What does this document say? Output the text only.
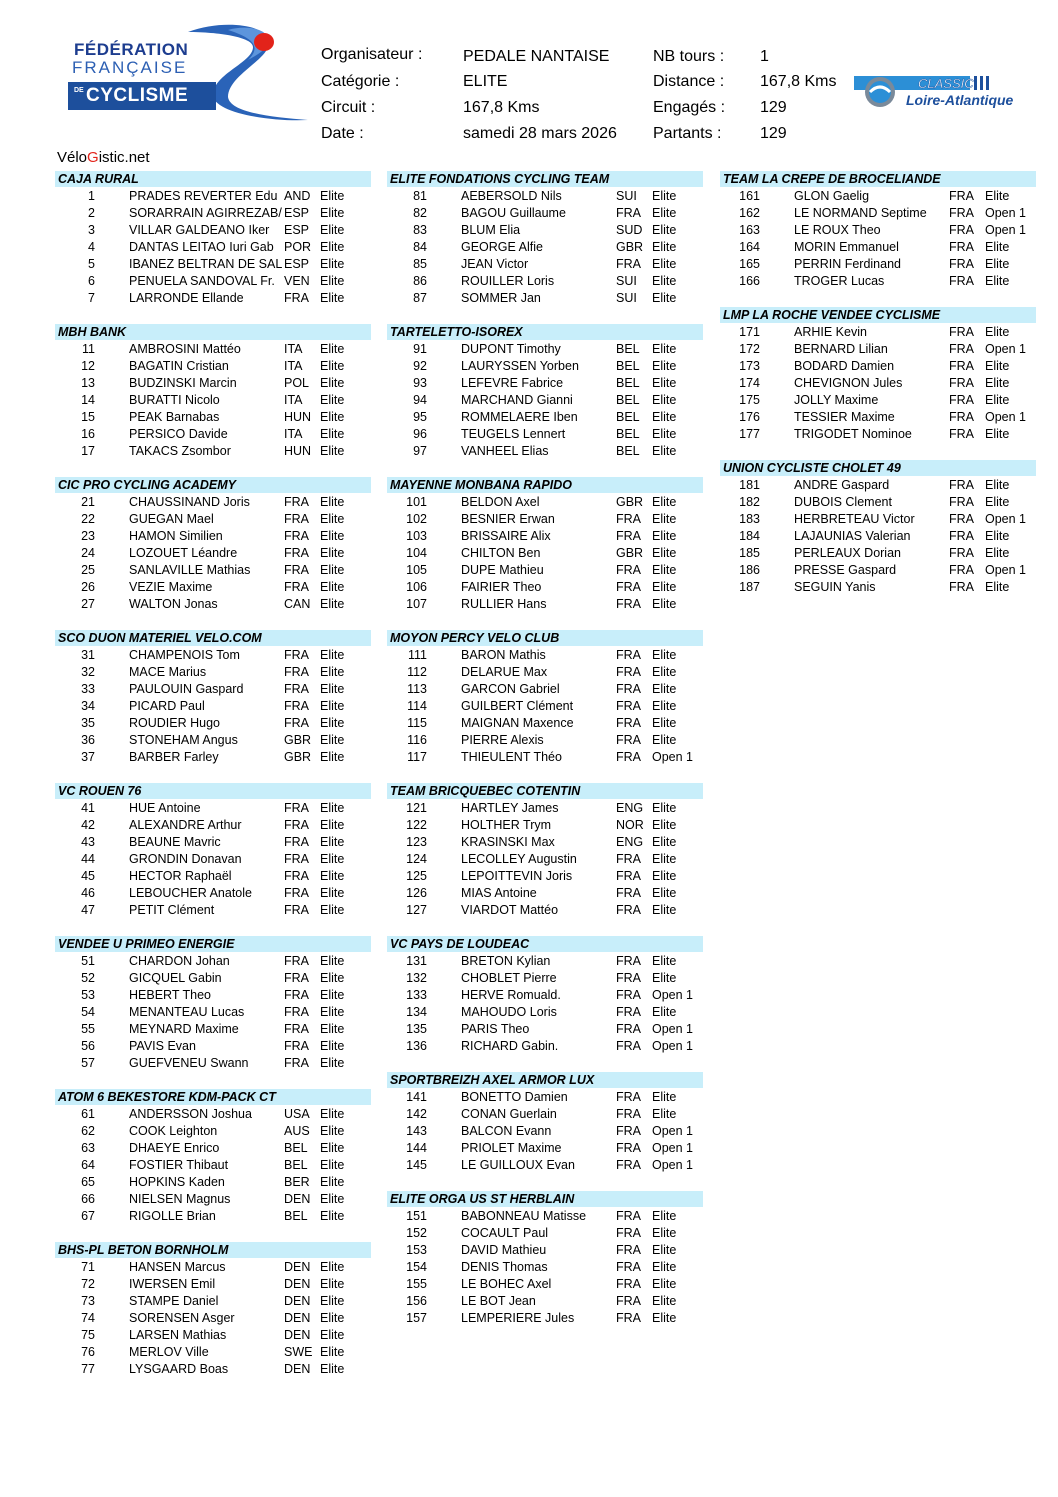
FÉDÉRATION
FRANÇAISE
DE CYCLISME
VéloGistic.net
Organisateur :	PEDALE NANTAISE
Catégorie :	ELITE
Circuit :	167,8 Kms
Date :	samedi 28 mars 2026
NB tours : 1
Distance : 167,8 Kms
Engagés : 129
Partants : 129
CLASSIC
Loire-Atlantique
CAJA RURAL
1	PRADES REVERTER Edu AND Elite
2	SORARRAIN AGIRREZAB/ ESP Elite
3	VILLAR GALDEANO Iker	ESP Elite
4	DANTAS LEITAO Iuri Gab POR Elite
5	IBANEZ BELTRAN DE SAL ESP Elite
6	PENUELA SANDOVAL Fr. VEN Elite
7	LARRONDE Ellande	FRA Elite
MBH BANK
11	AMBROSINI Mattéo	ITA	Elite
12	BAGATIN Cristian	ITA	Elite
13	BUDZINSKI Marcin	POL Elite
14	BURATTI Nicolo	ITA	Elite
15	PEAK Barnabas	HUN Elite
16	PERSICO Davide	ITA	Elite
17	TAKACS Zsombor	HUN Elite
CIC PRO CYCLING ACADEMY
21	CHAUSSINAND Joris	FRA Elite
22	GUEGAN Mael	FRA Elite
23	HAMON Similien	FRA Elite
24	LOZOUET Léandre	FRA Elite
25	SANLAVILLE Mathias	FRA Elite
26	VEZIE Maxime	FRA Elite
27	WALTON Jonas	CAN Elite
SCO DUON MATERIEL VELO.COM
31	CHAMPENOIS Tom	FRA Elite
32	MACE Marius	FRA Elite
33	PAULOUIN Gaspard	FRA Elite
34	PICARD Paul	FRA Elite
35	ROUDIER Hugo	FRA Elite
36	STONEHAM Angus	GBR Elite
37	BARBER Farley	GBR Elite
VC ROUEN 76
41	HUE Antoine	FRA Elite
42	ALEXANDRE Arthur	FRA Elite
43	BEAUNE Mavric	FRA Elite
44	GRONDIN Donavan	FRA Elite
45	HECTOR Raphaël	FRA Elite
46	LEBOUCHER Anatole	FRA Elite
47	PETIT Clément	FRA Elite
VENDEE U PRIMEO ENERGIE
51	CHARDON Johan	FRA Elite
52	GICQUEL Gabin	FRA Elite
53	HEBERT Theo	FRA Elite
54	MENANTEAU Lucas	FRA Elite
55	MEYNARD Maxime	FRA Elite
56	PAVIS Evan	FRA Elite
57	GUEFVENEU Swann	FRA Elite
ATOM 6 BEKESTORE KDM-PACK CT
61	ANDERSSON Joshua	USA Elite
62	COOK Leighton	AUS Elite
63	DHAEYE Enrico	BEL Elite
64	FOSTIER Thibaut	BEL Elite
65	HOPKINS Kaden	BER Elite
66	NIELSEN Magnus	DEN Elite
67	RIGOLLE Brian	BEL Elite
BHS-PL BETON BORNHOLM
71	HANSEN Marcus	DEN Elite
72	IWERSEN Emil	DEN Elite
73	STAMPE Daniel	DEN Elite
74	SORENSEN Asger	DEN Elite
75	LARSEN Mathias	DEN Elite
76	MERLOV Ville	SWE Elite
77	LYSGAARD Boas	DEN Elite
ELITE FONDATIONS CYCLING TEAM
81	AEBERSOLD Nils	SUI	Elite
82	BAGOU Guillaume	FRA Elite
83	BLUM Elia	SUD Elite
84	GEORGE Alfie	GBR Elite
85	JEAN Victor	FRA Elite
86	ROUILLER Loris	SUI	Elite
87	SOMMER Jan	SUI	Elite
TARTELETTO-ISOREX
91	DUPONT Timothy	BEL Elite
92	LAURYSSEN Yorben	BEL Elite
93	LEFEVRE Fabrice	BEL Elite
94	MARCHAND Gianni	BEL Elite
95	ROMMELAERE Iben	BEL Elite
96	TEUGELS Lennert	BEL Elite
97	VANHEEL Elias	BEL Elite
MAYENNE MONBANA RAPIDO
101	BELDON Axel	GBR Elite
102	BESNIER Erwan	FRA Elite
103	BRISSAIRE Alix	FRA Elite
104	CHILTON Ben	GBR Elite
105	DUPE Mathieu	FRA Elite
106	FAIRIER Theo	FRA Elite
107	RULLIER Hans	FRA Elite
MOYON PERCY VELO CLUB
111	BARON Mathis	FRA Elite
112	DELARUE Max	FRA Elite
113	GARCON Gabriel	FRA Elite
114	GUILBERT Clément	FRA Elite
115	MAIGNAN Maxence	FRA Elite
116	PIERRE Alexis	FRA Elite
117	THIEULENT Théo	FRA Open 1
TEAM BRICQUEBEC COTENTIN
121	HARTLEY James	ENG Elite
122	HOLTHER Trym	NOR Elite
123	KRASINSKI Max	ENG Elite
124	LECOLLEY Augustin	FRA Elite
125	LEPOITTEVIN Joris	FRA Elite
126	MIAS Antoine	FRA Elite
127	VIARDOT Mattéo	FRA Elite
VC PAYS DE LOUDEAC
131	BRETON Kylian	FRA Elite
132	CHOBLET Pierre	FRA Elite
133	HERVE Romuald.	FRA Open 1
134	MAHOUDO Loris	FRA Elite
135	PARIS Theo	FRA Open 1
136	RICHARD Gabin.	FRA Open 1
SPORTBREIZH AXEL ARMOR LUX
141	BONETTO Damien	FRA Elite
142	CONAN Guerlain	FRA Elite
143	BALCON Evann	FRA Open 1
144	PRIOLET Maxime	FRA Open 1
145	LE GUILLOUX Evan	FRA Open 1
ELITE ORGA US ST HERBLAIN
151	BABONNEAU Matisse	FRA Elite
152	COCAULT Paul	FRA Elite
153	DAVID Mathieu	FRA Elite
154	DENIS Thomas	FRA Elite
155	LE BOHEC Axel	FRA Elite
156	LE BOT Jean	FRA Elite
157	LEMPERIERE Jules	FRA Elite
TEAM LA CREPE DE BROCELIANDE
161	GLON Gaelig	FRA Elite
162	LE NORMAND Septime	FRA Open 1
163	LE ROUX Theo	FRA Open 1
164	MORIN Emmanuel	FRA Elite
165	PERRIN Ferdinand	FRA Elite
166	TROGER Lucas	FRA Elite
LMP LA ROCHE VENDEE CYCLISME
171	ARHIE Kevin	FRA Elite
172	BERNARD Lilian	FRA Open 1
173	BODARD Damien	FRA Elite
174	CHEVIGNON Jules	FRA Elite
175	JOLLY Maxime	FRA Elite
176	TESSIER Maxime	FRA Open 1
177	TRIGODET Nominoe	FRA Elite
UNION CYCLISTE CHOLET 49
181	ANDRE Gaspard	FRA Elite
182	DUBOIS Clement	FRA Elite
183	HERBRETEAU Victor	FRA Open 1
184	LAJAUNIAS Valerian	FRA Elite
185	PERLEAUX Dorian	FRA Elite
186	PRESSE Gaspard	FRA Open 1
187	SEGUIN Yanis	FRA Elite
